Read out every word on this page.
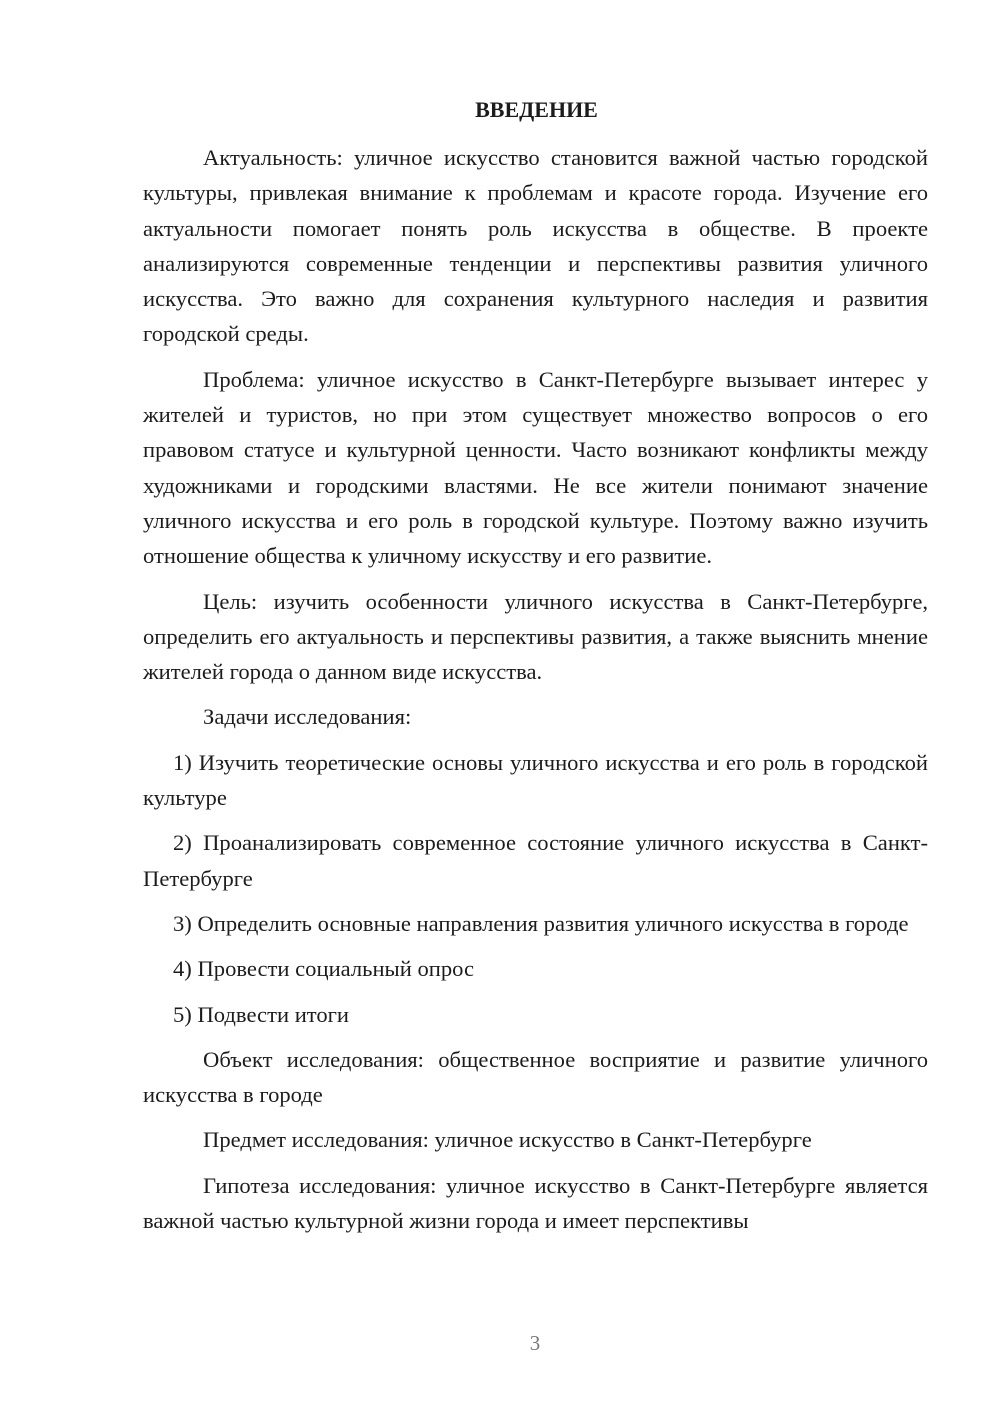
ВВЕДЕНИЕ

Актуальность: уличное искусство становится важной частью городской культуры, привлекая внимание к проблемам и красоте города. Изучение его актуальности помогает понять роль искусства в обществе. В проекте анализируются современные тенденции и перспективы развития уличного искусства. Это важно для сохранения культурного наследия и развития городской среды.

Проблема: уличное искусство в Санкт-Петербурге вызывает интерес у жителей и туристов, но при этом существует множество вопросов о его правовом статусе и культурной ценности. Часто возникают конфликты между художниками и городскими властями. Не все жители понимают значение уличного искусства и его роль в городской культуре. Поэтому важно изучить отношение общества к уличному искусству и его развитие.

Цель: изучить особенности уличного искусства в Санкт-Петербурге, определить его актуальность и перспективы развития, а также выяснить мнение жителей города о данном виде искусства.

Задачи исследования:

1) Изучить теоретические основы уличного искусства и его роль в городской культуре

2) Проанализировать современное состояние уличного искусства в Санкт-Петербурге

3) Определить основные направления развития уличного искусства в городе

4) Провести социальный опрос

5) Подвести итоги

Объект исследования: общественное восприятие и развитие уличного искусства в городе

Предмет исследования: уличное искусство в Санкт-Петербурге

Гипотеза исследования: уличное искусство в Санкт-Петербурге является важной частью культурной жизни города и имеет перспективы

3
